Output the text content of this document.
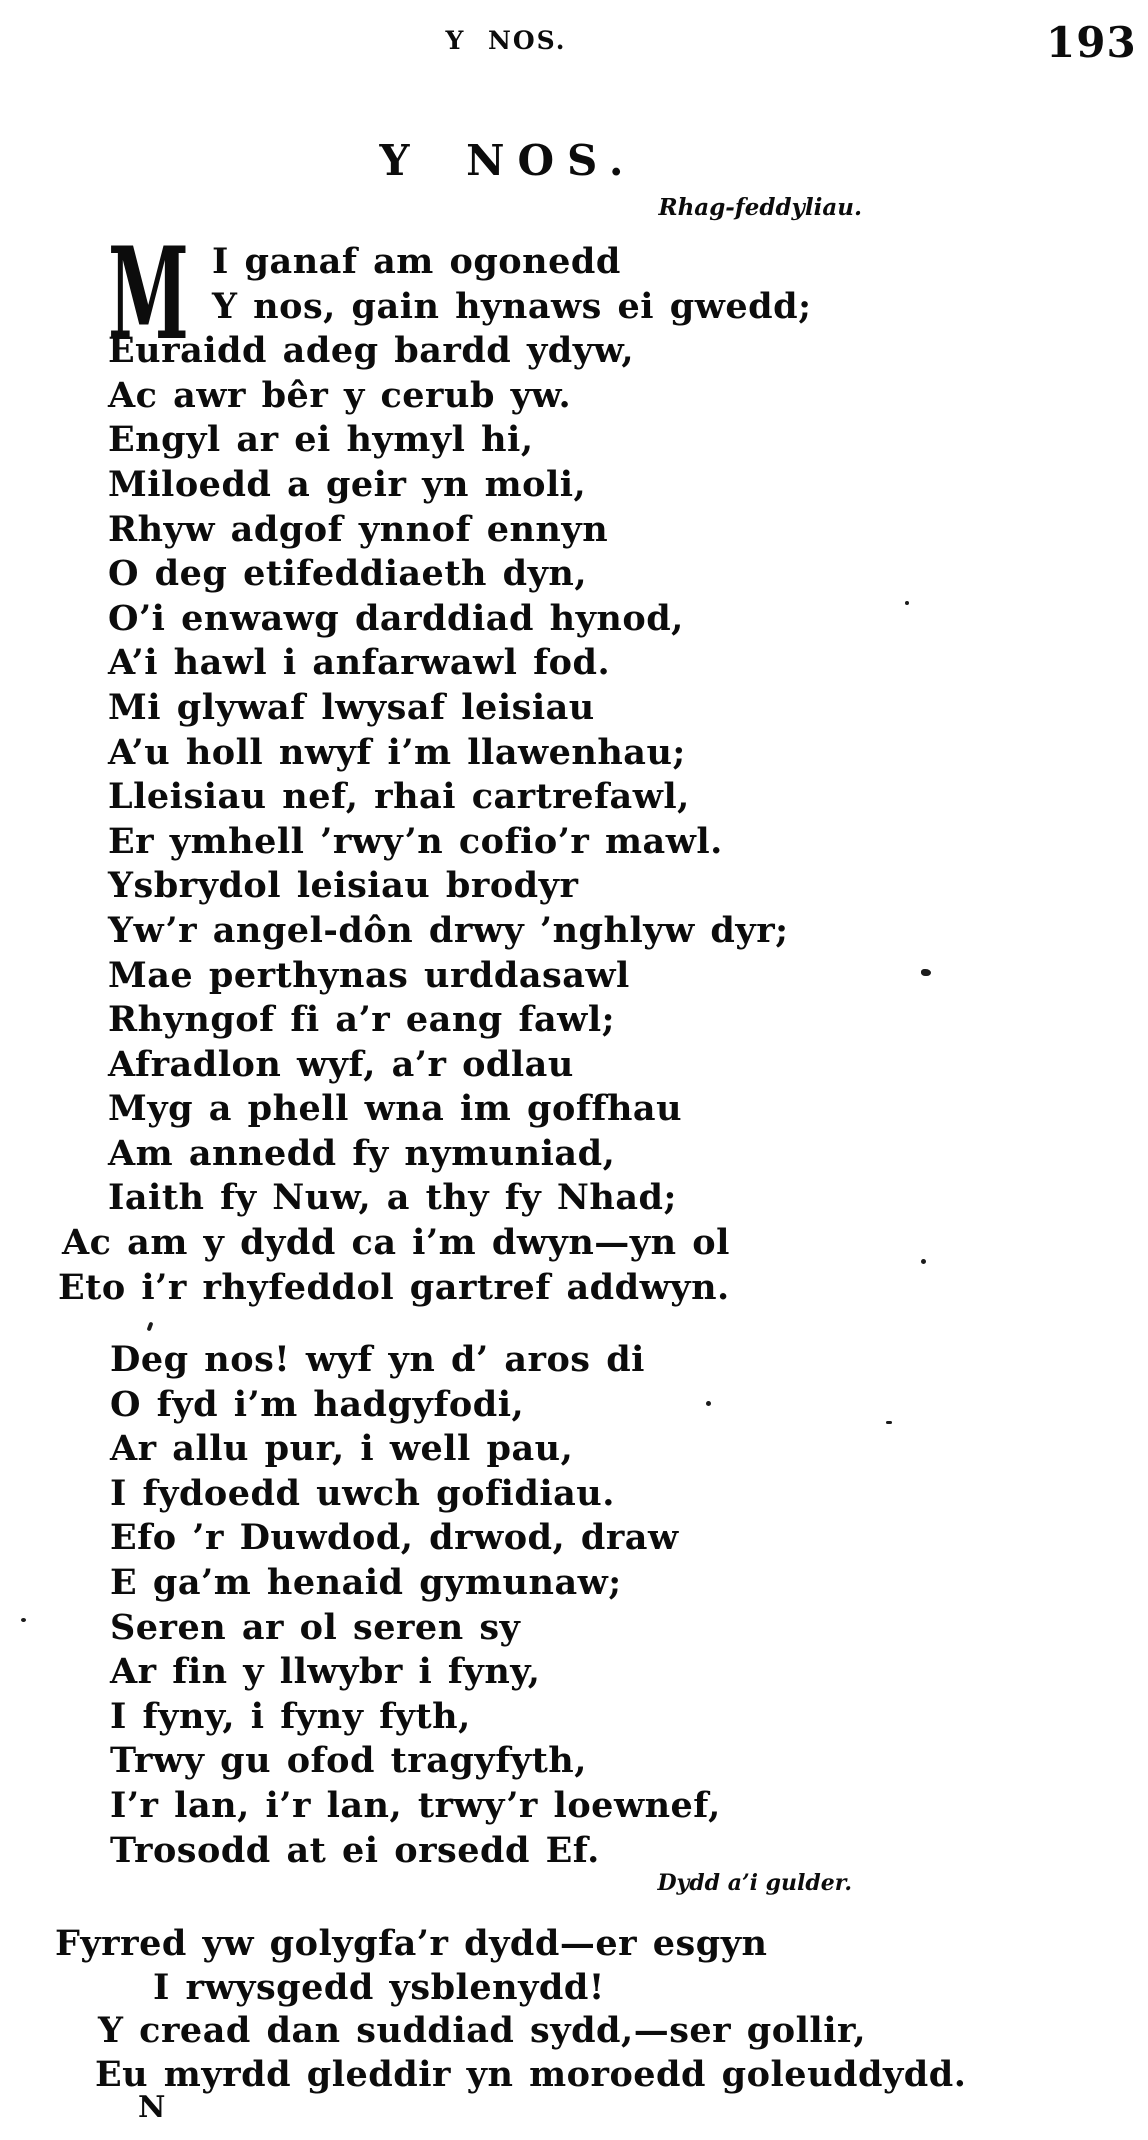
Y NOS.	193
Y NOS.
Rhag-feddyliau.
M I ganaf am ogonedd
Y nos, gain hynaws ei gwedd;
Euraidd adeg bardd ydyw,
Ac awr bêr y cerub yw.
Engyl ar ei hymyl hi,
Miloedd a geir yn moli,
Rhyw adgof ynnof ennyn
O deg etifeddiaeth dyn,
O’i enwawg darddiad hynod,
A’i hawl i anfarwawl fod.
Mi glywaf lwysaf leisiau
A’u holl nwyf i’m llawenhau;
Lleisiau nef, rhai cartrefawl,
Er ymhell ’rwy’n cofio’r mawl.
Ysbrydol leisiau brodyr
Yw’r angel-dôn drwy ’nghlyw dyr;
Mae perthynas urddasawl
Rhyngof fi a’r eang fawl;
Afradlon wyf, a’r odlau
Myg a phell wna im goffhau
Am annedd fy nymuniad,
Iaith fy Nuw, a thy fy Nhad;
Ac am y dydd ca i’m dwyn—yn ol
Eto i’r rhyfeddol gartref addwyn.
Deg nos! wyf yn d’ aros di
O fyd i’m hadgyfodi,
Ar allu pur, i well pau,
I fydoedd uwch gofidiau.
Efo ’r Duwdod, drwod, draw
E ga’m henaid gymunaw;
Seren ar ol seren sy
Ar fin y llwybr i fyny,
I fyny, i fyny fyth,
Trwy gu ofod tragyfyth,
I’r lan, i’r lan, trwy’r loewnef,
Trosodd at ei orsedd Ef.
Dydd a’i gulder.
Fyrred yw golygfa’r dydd—er esgyn
I rwysgedd ysblenydd!
Y cread dan suddiad sydd,—ser gollir,
Eu myrdd gleddir yn moroedd goleuddydd.
N
